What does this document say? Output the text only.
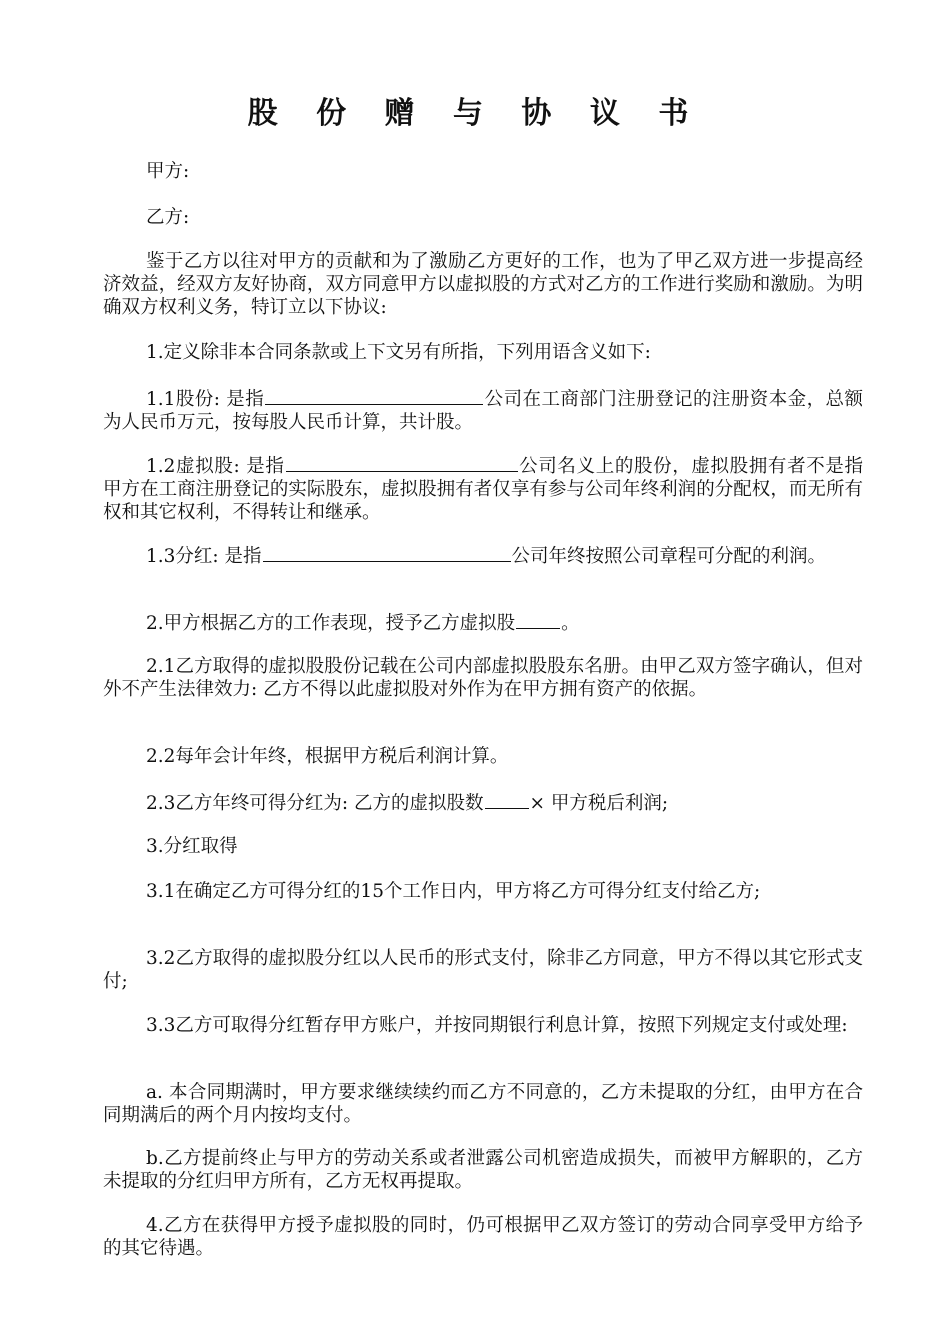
股 份 赠 与 协 议 书
甲方:
乙方:
鉴于乙方以往对甲方的贡献和为了激励乙方更好的工作，也为了甲乙双方进一步提高经济效益，经双方友好协商，双方同意甲方以虚拟股的方式对乙方的工作进行奖励和激励。为明确双方权利义务，特订立以下协议:
1.定义除非本合同条款或上下文另有所指，下列用语含义如下:
1.1股份: 是指	公司在工商部门注册登记的注册资本金，总额为人民币万元，按每股人民币计算，共计股。
1.2虚拟股: 是指	公司名义上的股份，虚拟股拥有者不是指甲方在工商注册登记的实际股东，虚拟股拥有者仅享有参与公司年终利润的分配权，而无所有权和其它权利，不得转让和继承。
1.3分红: 是指	公司年终按照公司章程可分配的利润。
2.甲方根据乙方的工作表现，授予乙方虚拟股 。
2.1乙方取得的虚拟股股份记载在公司内部虚拟股股东名册。由甲乙双方签字确认，但对外不产生法律效力: 乙方不得以此虚拟股对外作为在甲方拥有资产的依据。
2.2每年会计年终，根据甲方税后利润计算。
2.3乙方年终可得分红为: 乙方的虚拟股数 × 甲方税后利润;
3.分红取得
3.1在确定乙方可得分红的15个工作日内，甲方将乙方可得分红支付给乙方;
3.2乙方取得的虚拟股分红以人民币的形式支付，除非乙方同意，甲方不得以其它形式支付;
3.3乙方可取得分红暂存甲方账户，并按同期银行利息计算，按照下列规定支付或处理:
a. 本合同期满时，甲方要求继续续约而乙方不同意的，乙方未提取的分红，由甲方在合同期满后的两个月内按均支付。
b.乙方提前终止与甲方的劳动关系或者泄露公司机密造成损失，而被甲方解职的，乙方未提取的分红归甲方所有，乙方无权再提取。
4.乙方在获得甲方授予虚拟股的同时，仍可根据甲乙双方签订的劳动合同享受甲方给予的其它待遇。
